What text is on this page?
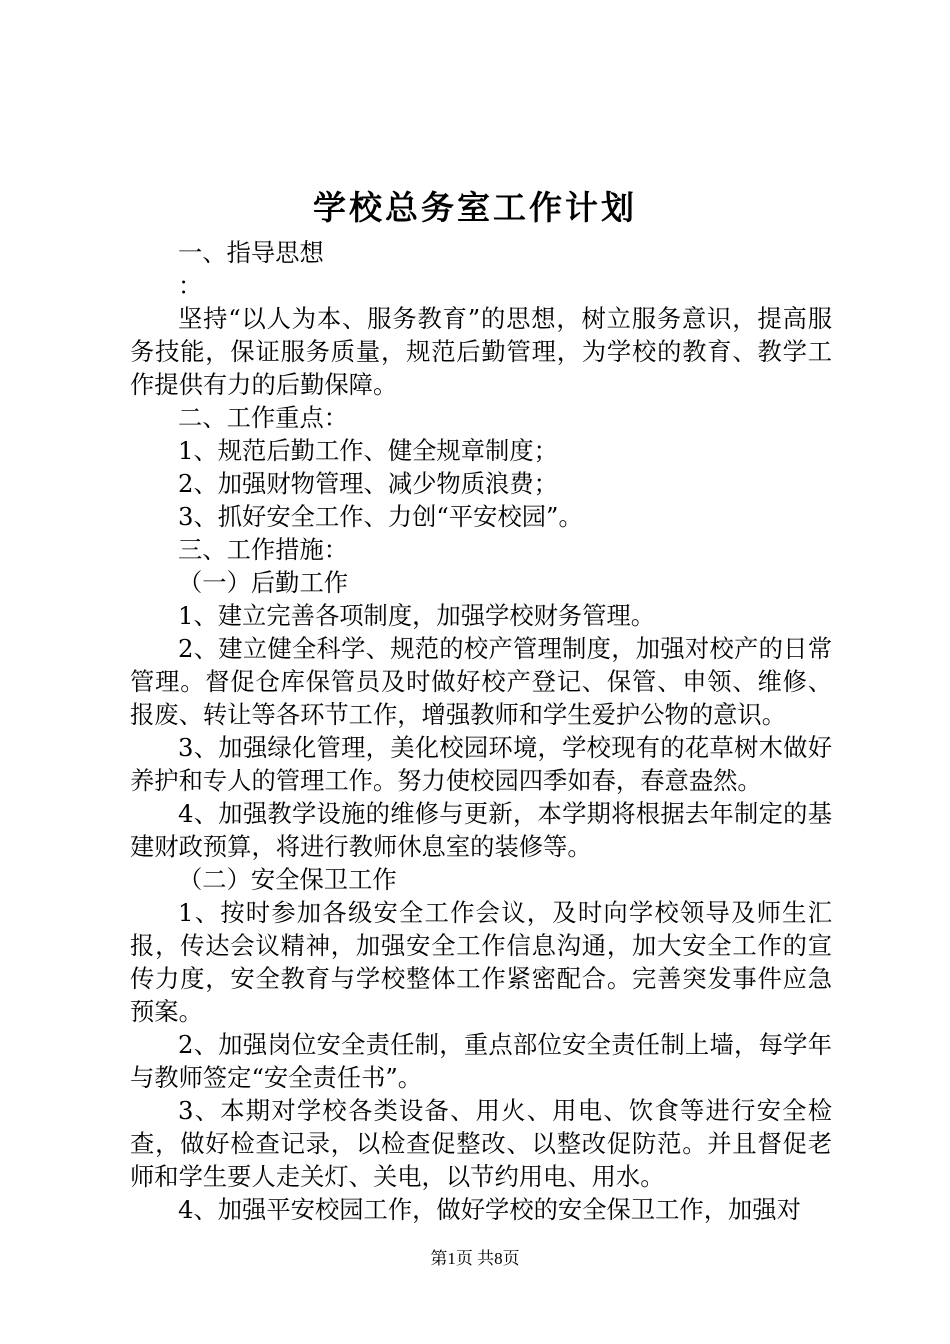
学校总务室工作计划

一、指导思想

：

坚持“以人为本、服务教育”的思想，树立服务意识，提高服务技能，保证服务质量，规范后勤管理，为学校的教育、教学工作提供有力的后勤保障。

二、工作重点：

1、规范后勤工作、健全规章制度；

2、加强财物管理、减少物质浪费；

3、抓好安全工作、力创“平安校园”。

三、工作措施：

（一）后勤工作

1、建立完善各项制度，加强学校财务管理。

2、建立健全科学、规范的校产管理制度，加强对校产的日常管理。督促仓库保管员及时做好校产登记、保管、申领、维修、报废、转让等各环节工作，增强教师和学生爱护公物的意识。

3、加强绿化管理，美化校园环境，学校现有的花草树木做好养护和专人的管理工作。努力使校园四季如春，春意盎然。

4、加强教学设施的维修与更新，本学期将根据去年制定的基建财政预算，将进行教师休息室的装修等。

（二）安全保卫工作

1、按时参加各级安全工作会议，及时向学校领导及师生汇报，传达会议精神，加强安全工作信息沟通，加大安全工作的宣传力度，安全教育与学校整体工作紧密配合。完善突发事件应急预案。

2、加强岗位安全责任制，重点部位安全责任制上墙，每学年与教师签定“安全责任书”。

3、本期对学校各类设备、用火、用电、饮食等进行安全检查，做好检查记录，以检查促整改、以整改促防范。并且督促老师和学生要人走关灯、关电，以节约用电、用水。

4、加强平安校园工作，做好学校的安全保卫工作，加强对

第1页 共8页
